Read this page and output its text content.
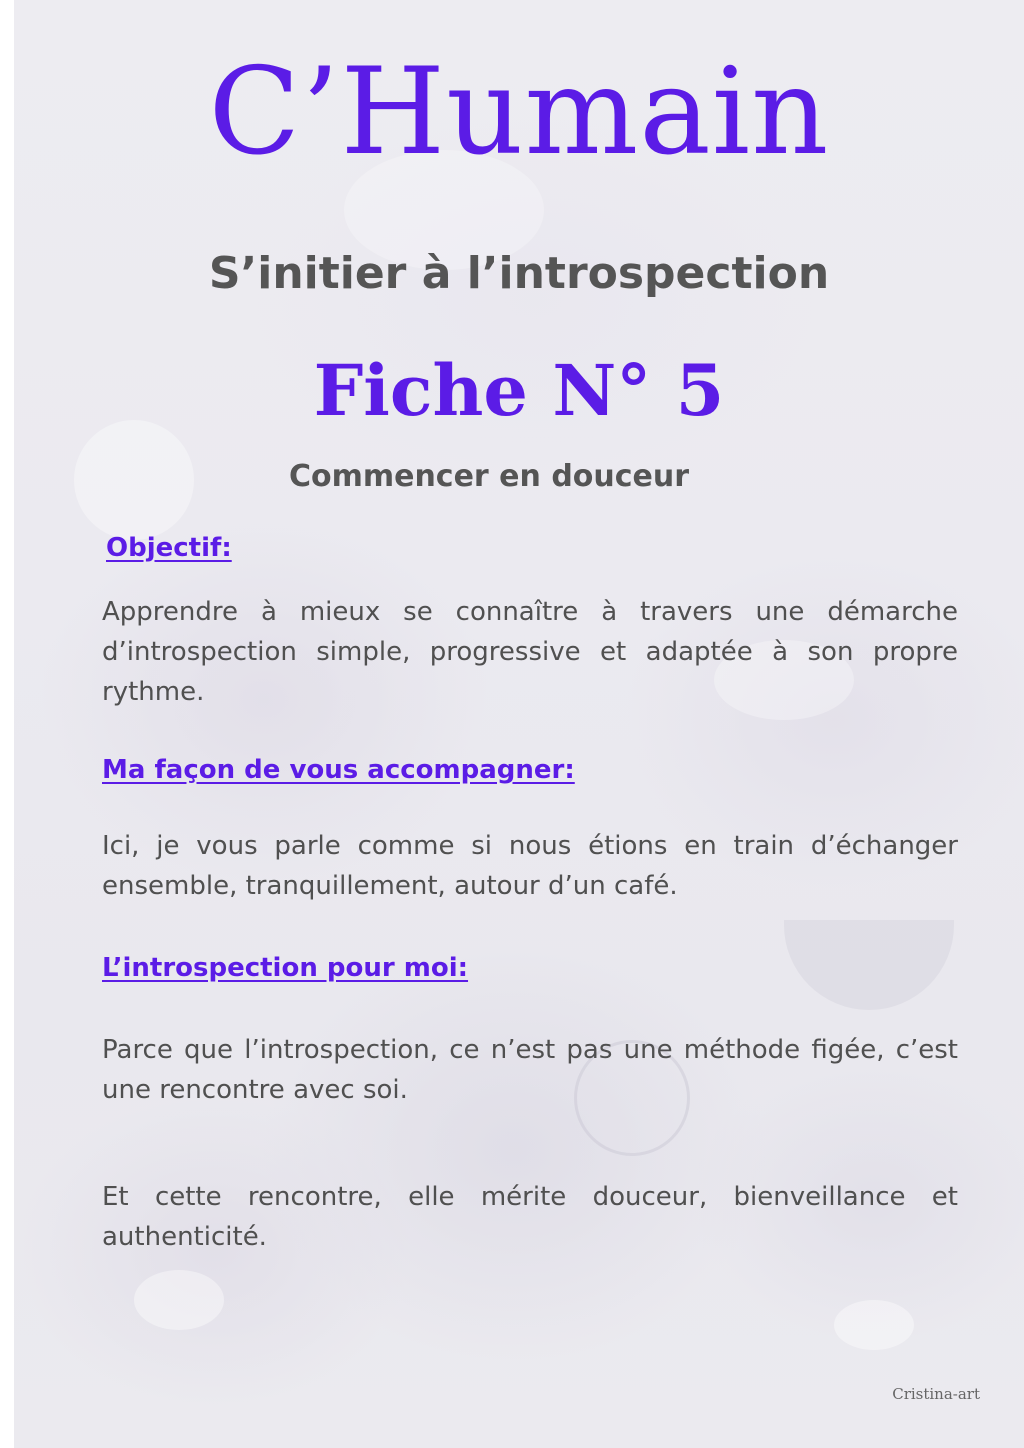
C’Humain
S’initier à l’introspection
Fiche N° 5
Commencer en douceur
Objectif:

Apprendre à mieux se connaître à travers une démarche d’introspection simple, progressive et adaptée à son propre rythme.

Ma façon de vous accompagner:

Ici, je vous parle comme si nous étions en train d’échanger ensemble, tranquillement, autour d’un café.

L’introspection pour moi:

Parce que l’introspection, ce n’est pas une méthode figée, c’est une rencontre avec soi.

Et cette rencontre, elle mérite douceur, bienveillance et authenticité.

Cristina-art
